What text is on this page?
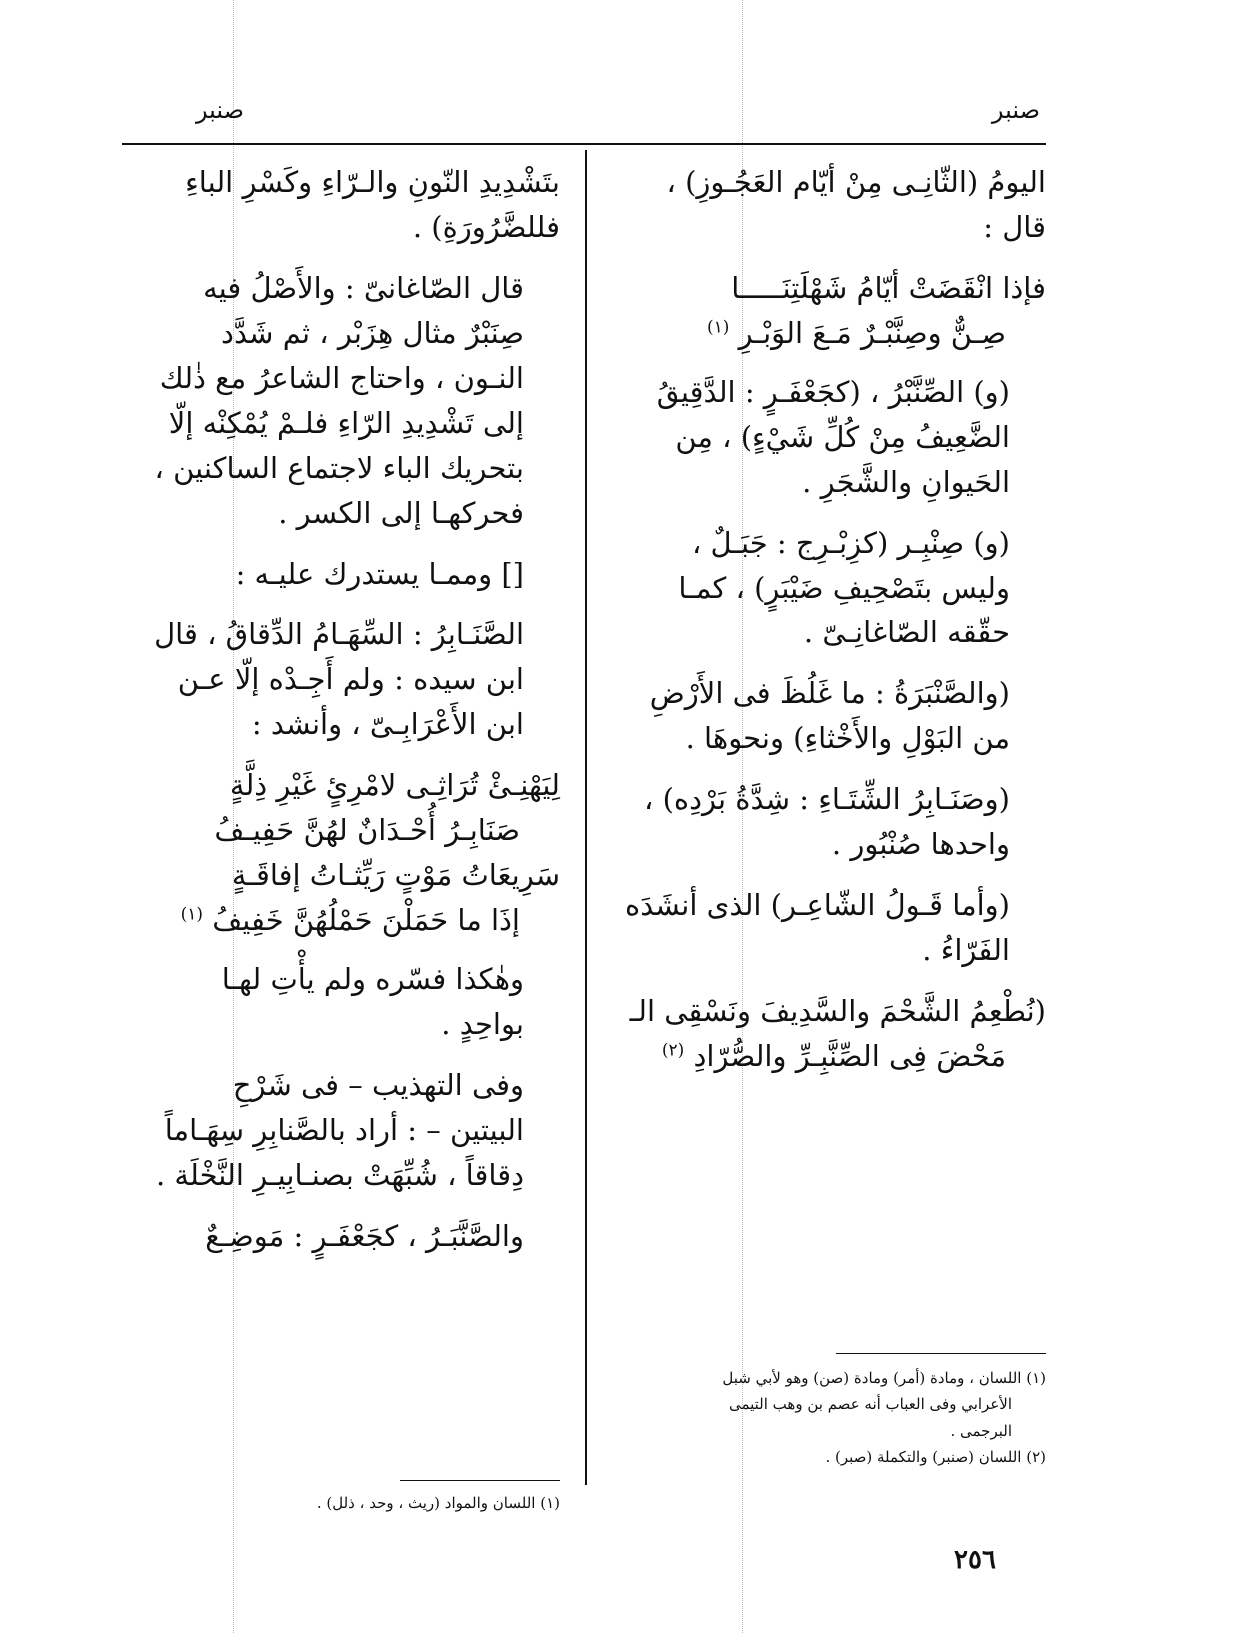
صنبر
صنبر

اليومُ (الثّانِـى مِنْ أيّام العَجُـوزِ) ، قال :

فإذا انْقَضَتْ أيّامُ شَهْلَتِنَـــــا
صِـنٌّ وصِنَّبْـرٌ مَـعَ الوَبْـرِ $^{(١)}$

(و) الصِّنَّبْرُ ، (كجَعْفَـرٍ : الدَّقِيقُ الضَّعِيفُ مِنْ كُلِّ شَيْءٍ) ، مِن الحَيوانِ والشَّجَرِ .

(و) صِنْبِـر (كزِبْـرِج : جَبَـلٌ ، وليس بتَصْحِيفِ ضَيْبَرٍ) ، كمـا حقّقه الصّاغانِـىّ .

(والصَّنْبَرَةُ : ما غَلُظَ فى الأَرْضِ من البَوْلِ والأَخْثاءِ) ونحوهَا .

(وصَنَـابِرُ الشِّتَـاءِ : شِدَّةُ بَرْدِه) ، واحدها صُنْبُور .

(وأما قَـولُ الشّاعِـر) الذى أنشَدَه الفَرّاءُ .

(نُطْعِمُ الشَّحْمَ والسَّدِيفَ ونَسْقِى الـ
مَحْضَ فِى الصِّنَّبِـرِّ والصُّرّادِ $^{(٢)}$

بتَشْدِيدِ النّونِ والـرّاءِ وكَسْرِ الباءِ فللضَّرُورَةِ) .

قال الصّاغانىّ : والأَصْلُ فيه صِنَبْرٌ مثال هِزَبْر ، ثم شَدَّد النـون ، واحتاج الشاعرُ مع ذٰلك إلى تَشْدِيدِ الرّاءِ فلـمْ يُمْكِنْه إلّا بتحريك الباء لاجتماع الساكنين ، فحركهـا إلى الكسر .

[] وممـا يستدرك عليـه :

الصَّنَـابِرُ : السِّهَـامُ الدِّقاقُ ، قال ابن سيده : ولم أَجِـدْه إلّا عـن ابن الأَعْرَابِـىّ ، وأنشد :

لِيَهْنِـئْ تُرَاثِـى لامْرِئٍ غَيْرِ ذِلَّةٍ
صَنَابِـرُ أُحْـدَانٌ لهُنَّ حَفِيـفُ
سَرِيعَاتُ مَوْتٍ رَيِّثـاتُ إفاقَـةٍ
إذَا ما حَمَلْنَ حَمْلُهُنَّ خَفِيفُ $^{(١)}$

وهٰكذا فسّره ولم يأْتِ لهـا بواحِدٍ .

وفى التهذيب – فى شَرْحِ البيتين – : أراد بالصَّنابِرِ سِهَـاماً دِقاقاً ، شُبِّهَتْ بصنـابِيـرِ النَّخْلَة .

والصَّنَّبَـرُ ، كجَعْفَـرٍ : مَوضِـعٌ

(١) اللسان ، ومادة (أمر) ومادة (صن) وهو لأبي شبل
الأعرابي وفى العباب أنه عصم بن وهب التيمى
البرجمى .
(٢) اللسان (صنبر) والتكملة (صبر) .
(١) اللسان والمواد (ريث ، وحد ، ذلل) .
٢٥٦
